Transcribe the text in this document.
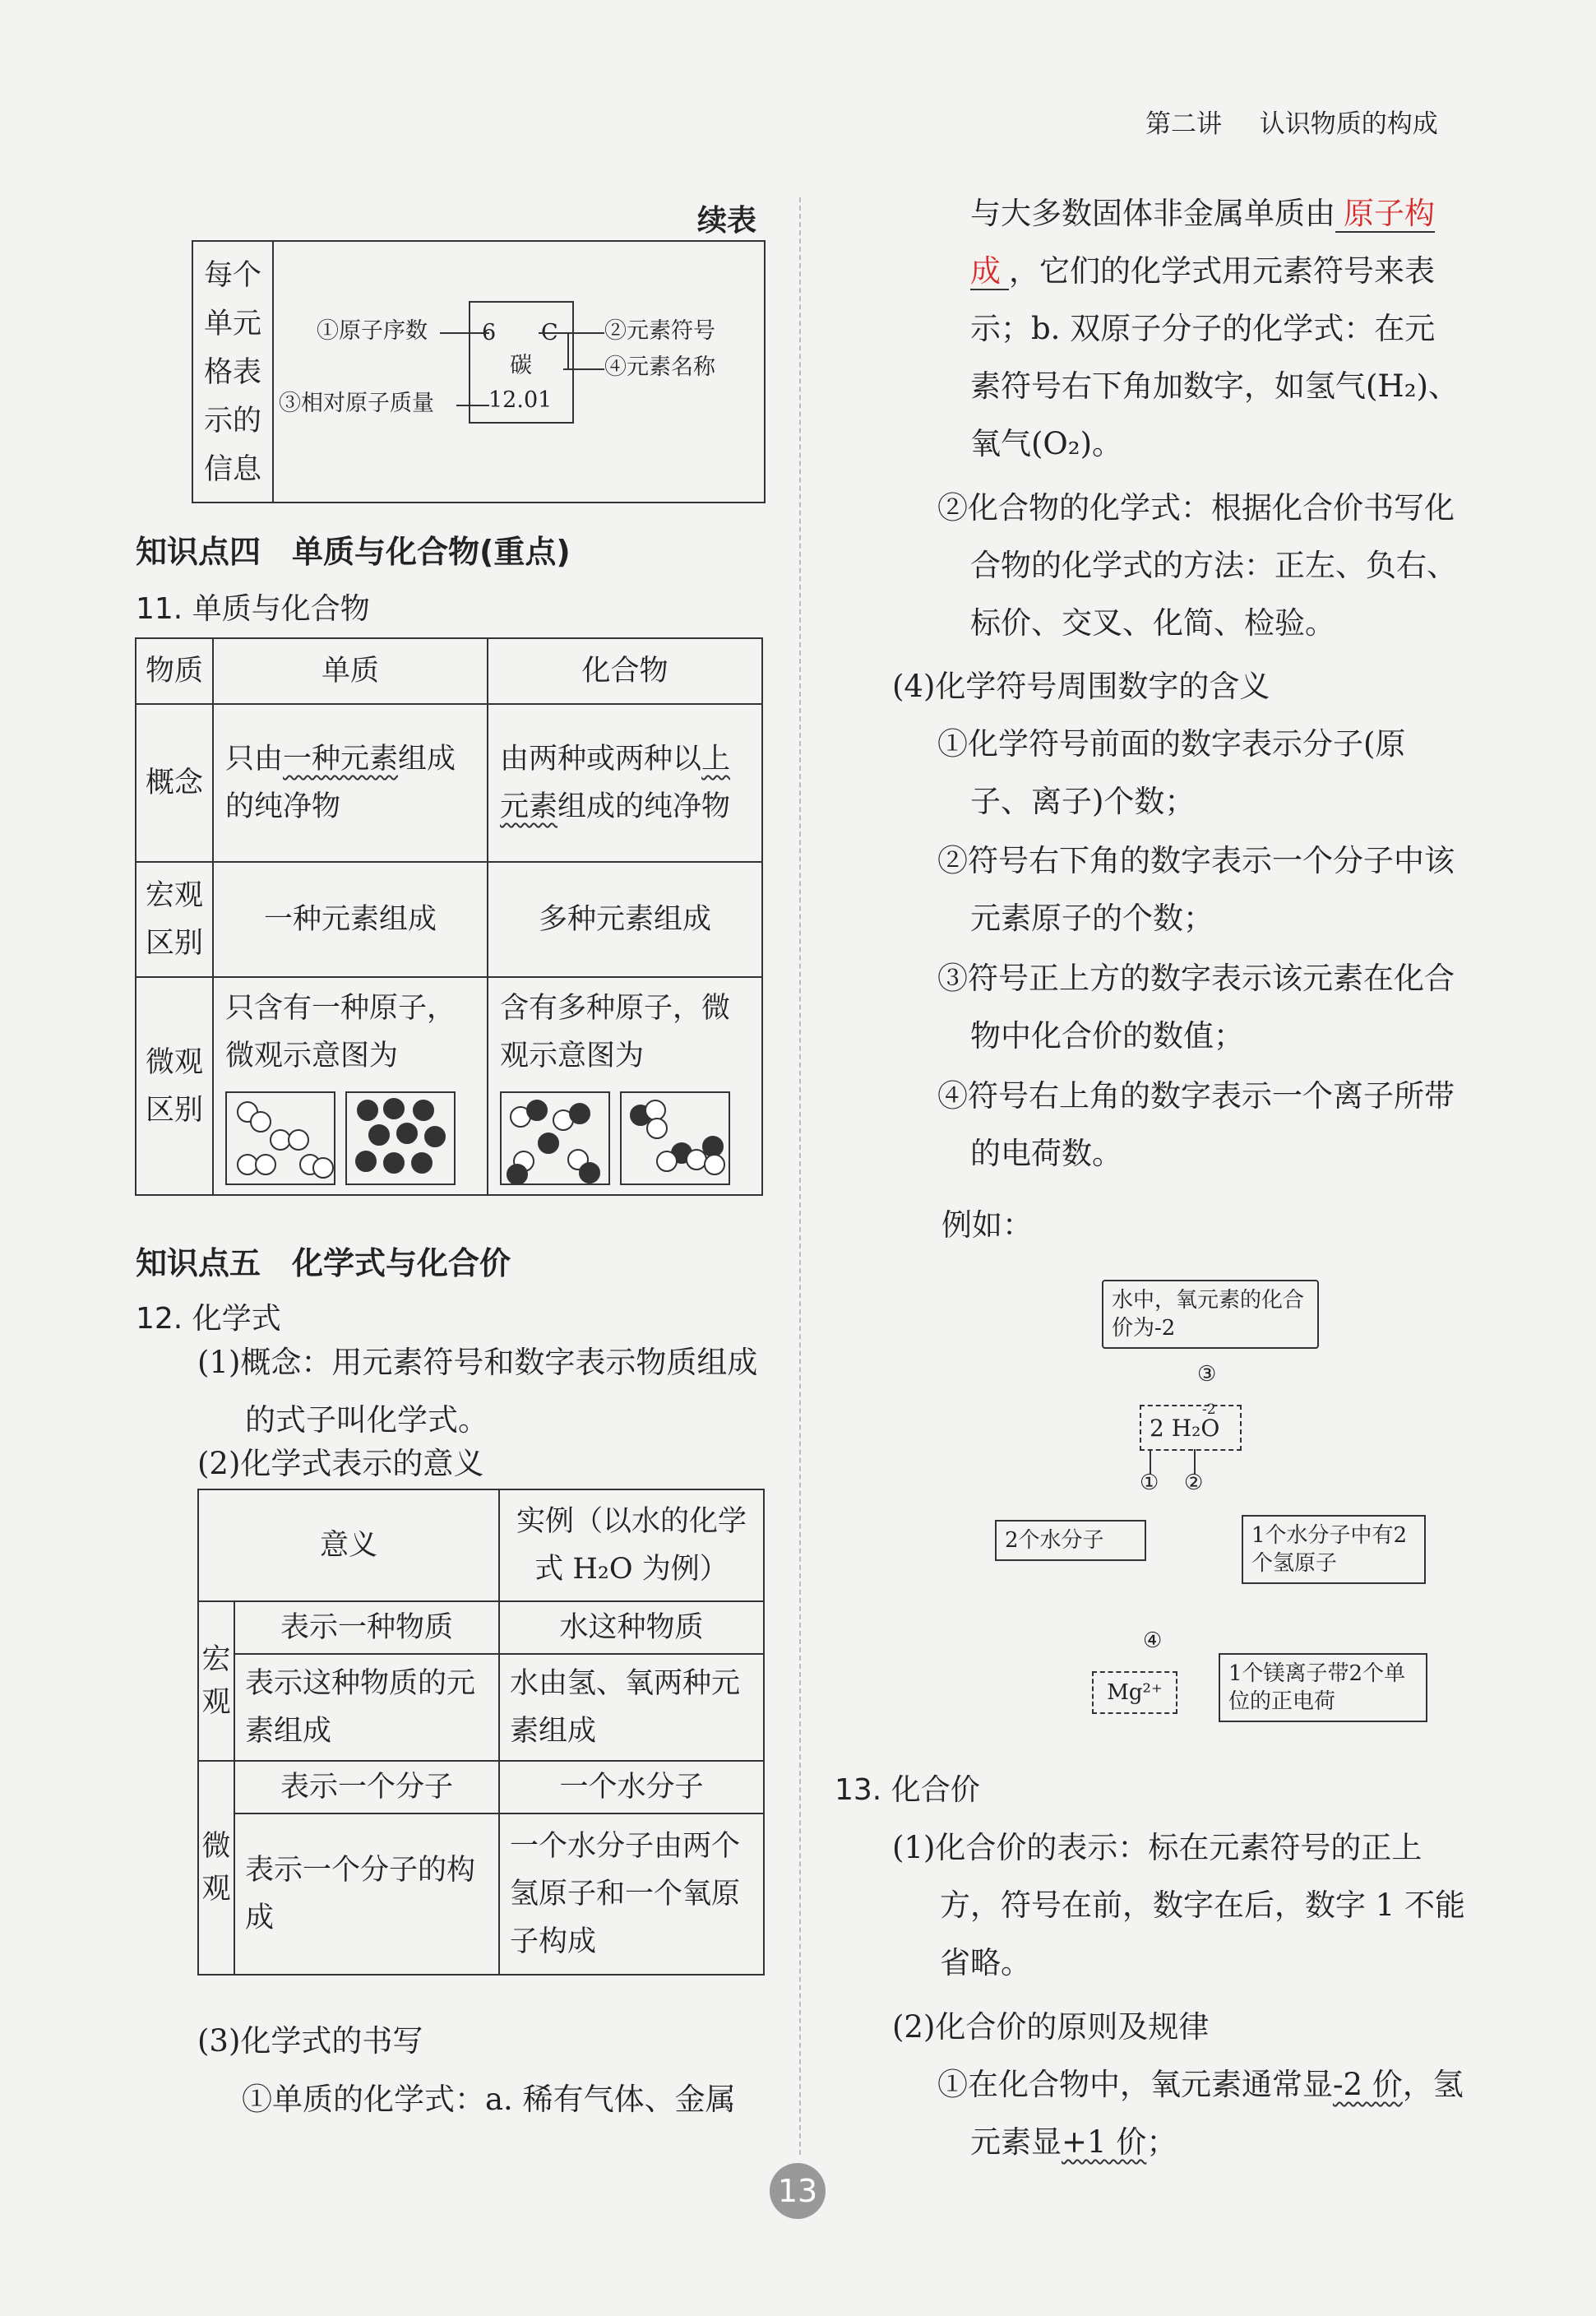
第二讲 认识物质的构成
续表
每个
单元
格表
示的
信息
①原子序数
③相对原子质量
②元素符号
④元素名称
6 C
碳
12.01
知识点四　单质与化合物(重点)
11. 单质与化合物
物质	单质	化合物
概念	只由一种元素组成的纯净物	由两种或两种以上元素组成的纯净物
宏观区别	一种元素组成	多种元素组成
微观区别	只含有一种原子，微观示意图为	含有多种原子，微观示意图为
知识点五　化学式与化合价
12. 化学式
(1)概念：用元素符号和数字表示物质组成的式子叫化学式。
(2)化学式表示的意义
意义		实例（以水的化学式 H₂O 为例）
宏观	表示一种物质	水这种物质
	表示这种物质的元素组成	水由氢、氧两种元素组成
微观	表示一个分子	一个水分子
	表示一个分子的构成	一个水分子由两个氢原子和一个氧原子构成
(3)化学式的书写
①单质的化学式：a. 稀有气体、金属
与大多数固体非金属单质由 原子构成 ，它们的化学式用元素符号来表示；b. 双原子分子的化学式：在元素符号右下角加数字，如氢气(H₂)、氧气(O₂)。
②化合物的化学式：根据化合价书写化合物的化学式的方法：正左、负右、标价、交叉、化简、检验。
(4)化学符号周围数字的含义
①化学符号前面的数字表示分子(原子、离子)个数；
②符号右下角的数字表示一个分子中该元素原子的个数；
③符号正上方的数字表示该元素在化合物中化合价的数值；
④符号右上角的数字表示一个离子所带的电荷数。
例如：
水中，氧元素的化合价为-2
③
2 H₂O
-2
① ②
2个水分子	1个水分子中有2个氢原子
④
Mg²⁺
1个镁离子带2个单位的正电荷
13. 化合价
(1)化合价的表示：标在元素符号的正上方，符号在前，数字在后，数字 1 不能省略。
(2)化合价的原则及规律
①在化合物中，氧元素通常显-2 价，氢元素显+1 价；
13
